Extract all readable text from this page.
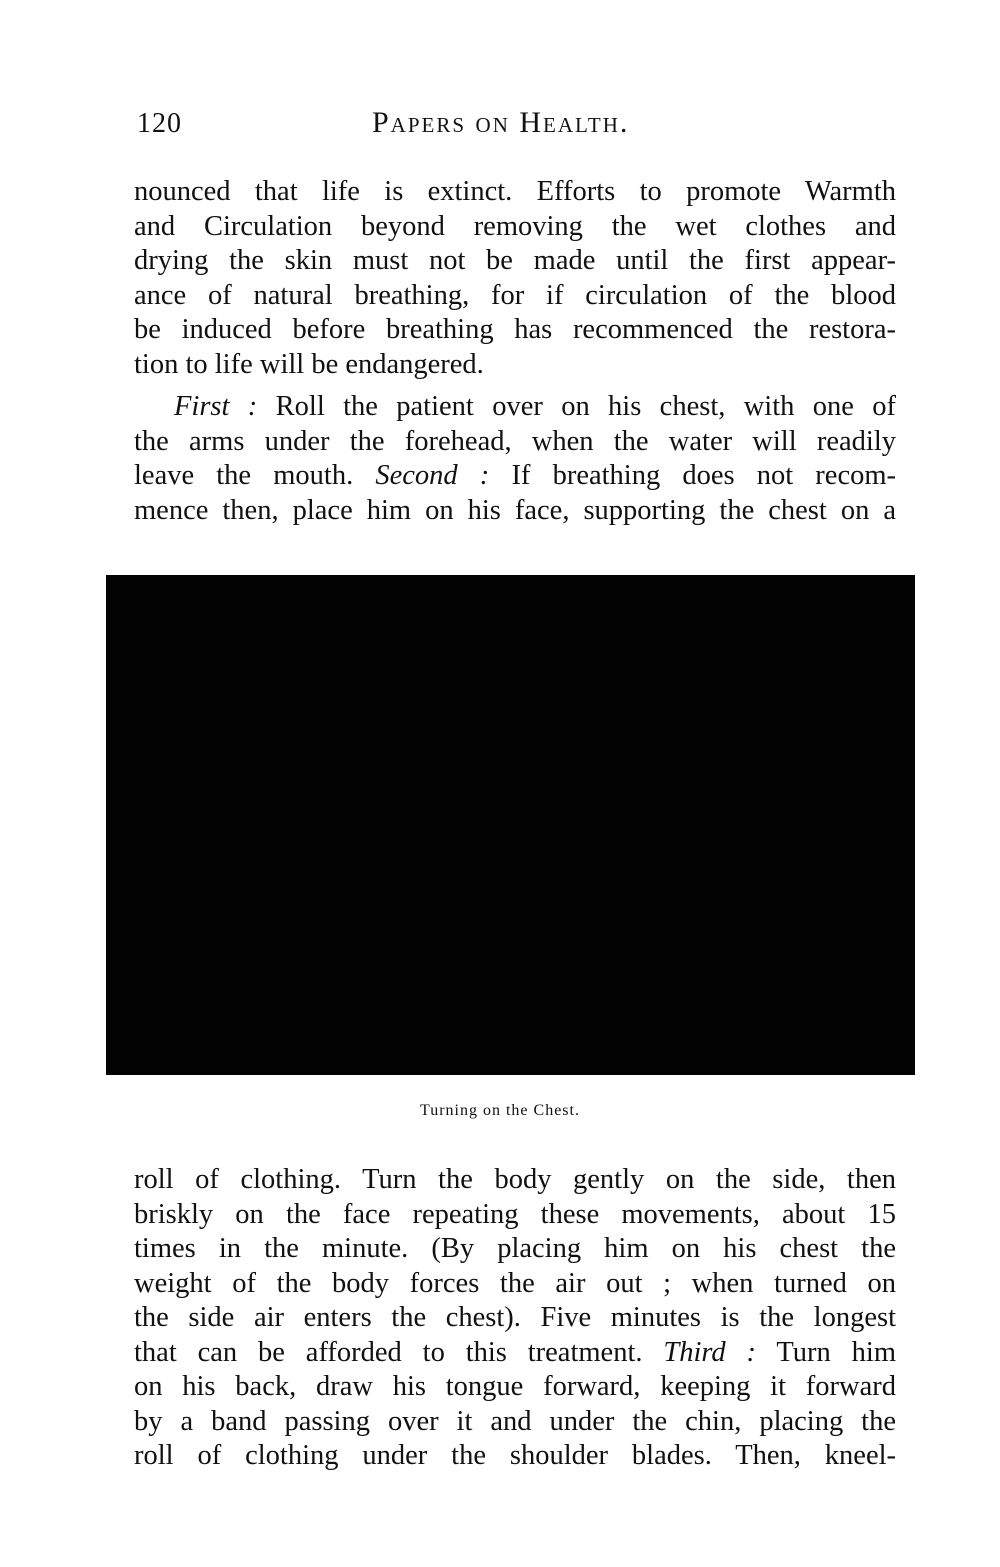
120	Papers on Health.

nounced that life is extinct. Efforts to promote Warmth
and Circulation beyond removing the wet clothes and
drying the skin must not be made until the first appear-
ance of natural breathing, for if circulation of the blood
be induced before breathing has recommenced the restora-
tion to life will be endangered.

First : Roll the patient over on his chest, with one of
the arms under the forehead, when the water will readily
leave the mouth. Second : If breathing does not recom-
mence then, place him on his face, supporting the chest on a

Turning on the Chest.

roll of clothing. Turn the body gently on the side, then
briskly on the face repeating these movements, about 15
times in the minute. (By placing him on his chest the
weight of the body forces the air out ; when turned on
the side air enters the chest). Five minutes is the longest
that can be afforded to this treatment. Third : Turn him
on his back, draw his tongue forward, keeping it forward
by a band passing over it and under the chin, placing the
roll of clothing under the shoulder blades. Then, kneel-
